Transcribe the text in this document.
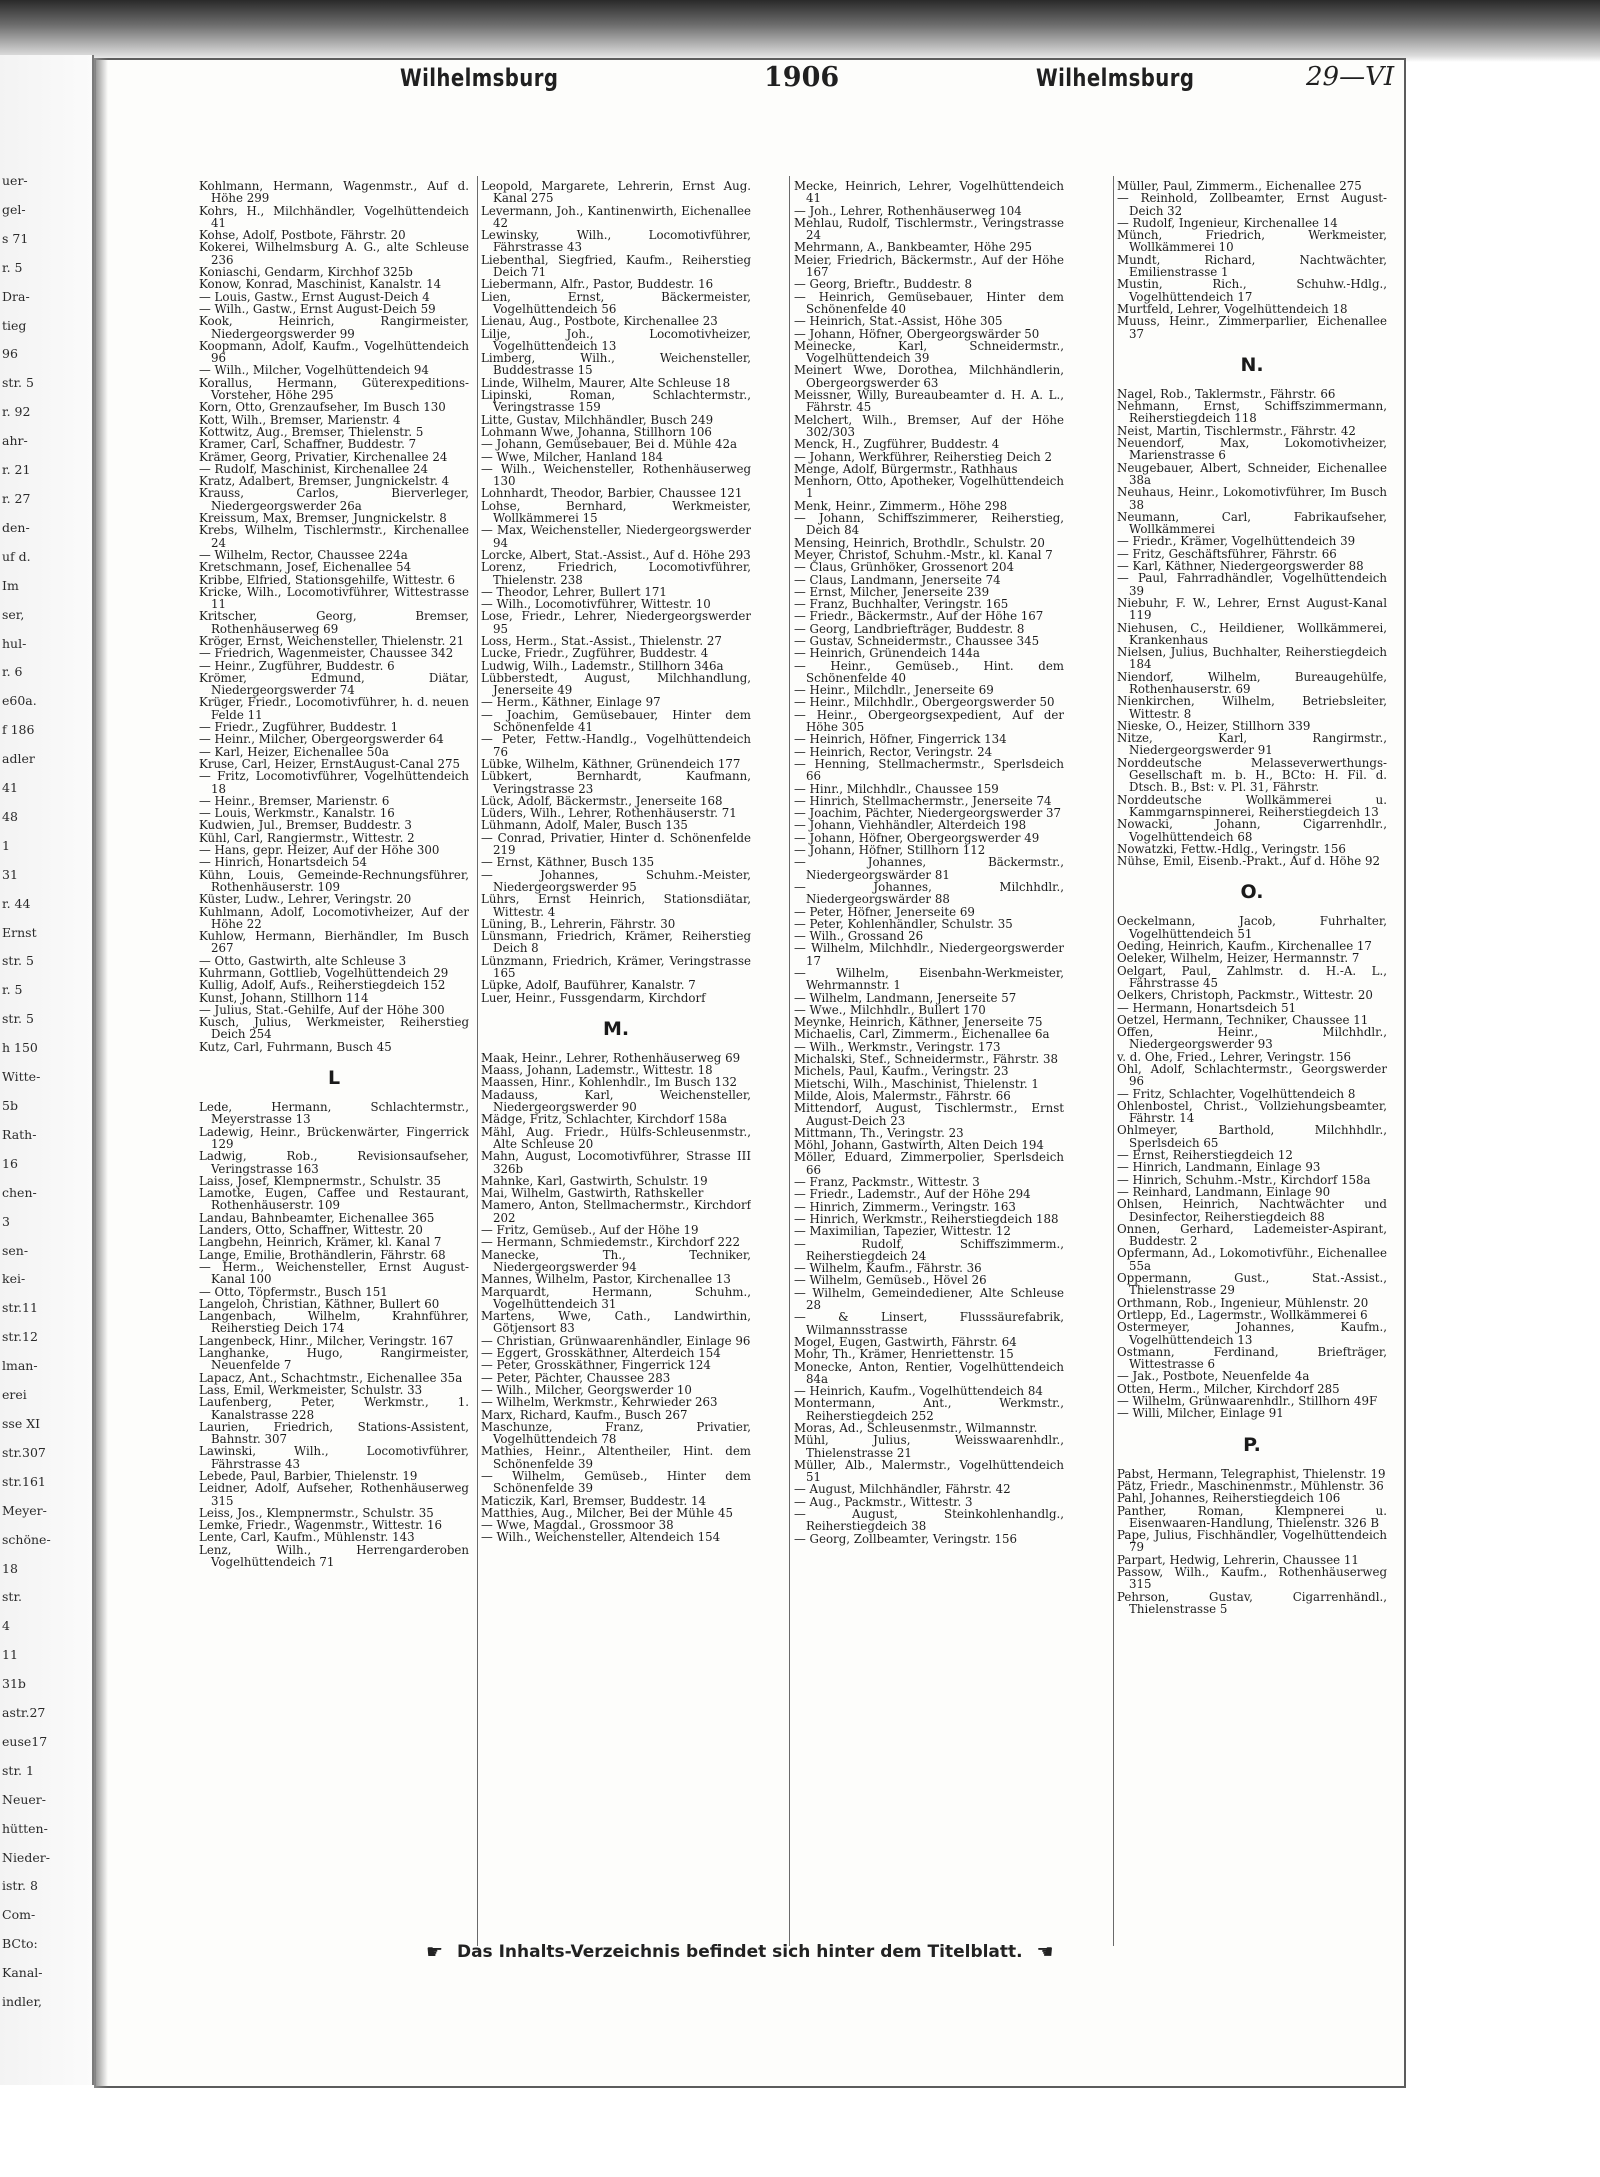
uer-
gel-
s 71
r. 5
Dra-
tieg
96
str. 5
r. 92
ahr-
r. 21
r. 27
den-
uf d.
Im
ser,
hul-
r. 6
e60a.
f 186
adler
41
48
1
31
r. 44
Ernst
str. 5
r. 5
str. 5
h 150
Witte-
5b
Rath-
16
chen-
3
sen-
kei-
str.11
str.12
lman-
erei
sse XI
str.307
str.161
Meyer-
schöne-
18
str.
4
11
31b
astr.27
euse17
str. 1
Neuer-
hütten-
Nieder-
istr. 8
Com-
BCto:
Kanal-
indler,
Wilhelmsburg	1906	Wilhelmsburg	29—VI
Kohlmann, Hermann, Wagenmstr., Auf d. Höhe 299
Kohrs, H., Milchhändler, Vogelhüttendeich 41
Kohse, Adolf, Postbote, Fährstr. 20
Kokerei, Wilhelmsburg A. G., alte Schleuse 236
Koniaschi, Gendarm, Kirchhof 325b
Konow, Konrad, Maschinist, Kanalstr. 14
— Louis, Gastw., Ernst August-Deich 4
— Wilh., Gastw., Ernst August-Deich 59
Kook, Heinrich, Rangirmeister, Niedergeorgswerder 99
Koopmann, Adolf, Kaufm., Vogelhüttendeich 96
— Wilh., Milcher, Vogelhüttendeich 94
Korallus, Hermann, Güterexpeditions-Vorsteher, Höhe 295
Korn, Otto, Grenzaufseher, Im Busch 130
Kott, Wilh., Bremser, Marienstr. 4
Kottwitz, Aug., Bremser, Thielenstr. 5
Kramer, Carl, Schaffner, Buddestr. 7
Krämer, Georg, Privatier, Kirchenallee 24
— Rudolf, Maschinist, Kirchenallee 24
Kratz, Adalbert, Bremser, Jungnickelstr. 4
Krauss, Carlos, Bierverleger, Niedergeorgswerder 26a
Kreissum, Max, Bremser, Jungnickelstr. 8
Krebs, Wilhelm, Tischlermstr., Kirchenallee 24
— Wilhelm, Rector, Chaussee 224a
Kretschmann, Josef, Eichenallee 54
Kribbe, Elfried, Stationsgehilfe, Wittestr. 6
Kricke, Wilh., Locomotivführer, Wittestrasse 11
Kritscher, Georg, Bremser, Rothenhäuserweg 69
Kröger, Ernst, Weichensteller, Thielenstr. 21
— Friedrich, Wagenmeister, Chaussee 342
— Heinr., Zugführer, Buddestr. 6
Krömer, Edmund, Diätar, Niedergeorgswerder 74
Krüger, Friedr., Locomotivführer, h. d. neuen Felde 11
— Friedr., Zugführer, Buddestr. 1
— Heinr., Milcher, Obergeorgswerder 64
— Karl, Heizer, Eichenallee 50a
Kruse, Carl, Heizer, ErnstAugust-Canal 275
— Fritz, Locomotivführer, Vogelhüttendeich 18
— Heinr., Bremser, Marienstr. 6
— Louis, Werkmstr., Kanalstr. 16
Kudwien, Jul., Bremser, Buddestr. 3
Kühl, Carl, Rangiermstr., Wittestr. 2
— Hans, gepr. Heizer, Auf der Höhe 300
— Hinrich, Honartsdeich 54
Kühn, Louis, Gemeinde-Rechnungsführer, Rothenhäuserstr. 109
Küster, Ludw., Lehrer, Veringstr. 20
Kuhlmann, Adolf, Locomotivheizer, Auf der Höhe 22
Kuhlow, Hermann, Bierhändler, Im Busch 267
— Otto, Gastwirth, alte Schleuse 3
Kuhrmann, Gottlieb, Vogelhüttendeich 29
Kullig, Adolf, Aufs., Reiherstiegdeich 152
Kunst, Johann, Stillhorn 114
— Julius, Stat.-Gehilfe, Auf der Höhe 300
Kusch, Julius, Werkmeister, Reiherstieg Deich 254
Kutz, Carl, Fuhrmann, Busch 45
L
Lede, Hermann, Schlachtermstr., Meyerstrasse 13
Ladewig, Heinr., Brückenwärter, Fingerrick 129
Ladwig, Rob., Revisionsaufseher, Veringstrasse 163
Laiss, Josef, Klempnermstr., Schulstr. 35
Lamotke, Eugen, Caffee und Restaurant, Rothenhäuserstr. 109
Landau, Bahnbeamter, Eichenallee 365
Landers, Otto, Schaffner, Wittestr. 20
Langbehn, Heinrich, Krämer, kl. Kanal 7
Lange, Emilie, Brothändlerin, Fährstr. 68
— Herm., Weichensteller, Ernst August-Kanal 100
— Otto, Töpfermstr., Busch 151
Langeloh, Christian, Käthner, Bullert 60
Langenbach, Wilhelm, Krahnführer, Reiherstieg Deich 174
Langenbeck, Hinr., Milcher, Veringstr. 167
Langhanke, Hugo, Rangirmeister, Neuenfelde 7
Lapacz, Ant., Schachtmstr., Eichenallee 35a
Lass, Emil, Werkmeister, Schulstr. 33
Laufenberg, Peter, Werkmstr., 1. Kanalstrasse 228
Laurien, Friedrich, Stations-Assistent, Bahnstr. 307
Lawinski, Wilh., Locomotivführer, Fährstrasse 43
Lebede, Paul, Barbier, Thielenstr. 19
Leidner, Adolf, Aufseher, Rothenhäuserweg 315
Leiss, Jos., Klempnermstr., Schulstr. 35
Lemke, Friedr., Wagenmstr., Wittestr. 16
Lente, Carl, Kaufm., Mühlenstr. 143
Lenz, Wilh., Herrengarderoben Vogelhüttendeich 71
Leopold, Margarete, Lehrerin, Ernst Aug. Kanal 275
Levermann, Joh., Kantinenwirth, Eichenallee 42
Lewinsky, Wilh., Locomotivführer, Fährstrasse 43
Liebenthal, Siegfried, Kaufm., Reiherstieg Deich 71
Liebermann, Alfr., Pastor, Buddestr. 16
Lien, Ernst, Bäckermeister, Vogelhüttendeich 56
Lienau, Aug., Postbote, Kirchenallee 23
Lilje, Joh., Locomotivheizer, Vogelhüttendeich 13
Limberg, Wilh., Weichensteller, Buddestrasse 15
Linde, Wilhelm, Maurer, Alte Schleuse 18
Lipinski, Roman, Schlachtermstr., Veringstrasse 159
Litte, Gustav, Milchhändler, Busch 249
Lohmann Wwe, Johanna, Stillhorn 106
— Johann, Gemüsebauer, Bei d. Mühle 42a
— Wwe, Milcher, Hanland 184
— Wilh., Weichensteller, Rothenhäuserweg 130
Lohnhardt, Theodor, Barbier, Chaussee 121
Lohse, Bernhard, Werkmeister, Wollkämmerei 15
— Max, Weichensteller, Niedergeorgswerder 94
Lorcke, Albert, Stat.-Assist., Auf d. Höhe 293
Lorenz, Friedrich, Locomotivführer, Thielenstr. 238
— Theodor, Lehrer, Bullert 171
— Wilh., Locomotivführer, Wittestr. 10
Lose, Friedr., Lehrer, Niedergeorgswerder 95
Loss, Herm., Stat.-Assist., Thielenstr. 27
Lucke, Friedr., Zugführer, Buddestr. 4
Ludwig, Wilh., Lademstr., Stillhorn 346a
Lübberstedt, August, Milchhandlung, Jenerseite 49
— Herm., Käthner, Einlage 97
— Joachim, Gemüsebauer, Hinter dem Schönenfelde 41
— Peter, Fettw.-Handlg., Vogelhüttendeich 76
Lübke, Wilhelm, Käthner, Grünendeich 177
Lübkert, Bernhardt, Kaufmann, Veringstrasse 23
Lück, Adolf, Bäckermstr., Jenerseite 168
Lüders, Wilh., Lehrer, Rothenhäuserstr. 71
Lühmann, Adolf, Maler, Busch 135
— Conrad, Privatier, Hinter d. Schönenfelde 219
— Ernst, Käthner, Busch 135
— Johannes, Schuhm.-Meister, Niedergeorgswerder 95
Lührs, Ernst Heinrich, Stationsdiätar, Wittestr. 4
Lüning, B., Lehrerin, Fährstr. 30
Lünsmann, Friedrich, Krämer, Reiherstieg Deich 8
Lünzmann, Friedrich, Krämer, Veringstrasse 165
Lüpke, Adolf, Bauführer, Kanalstr. 7
Luer, Heinr., Fussgendarm, Kirchdorf
M.
Maak, Heinr., Lehrer, Rothenhäuserweg 69
Maass, Johann, Lademstr., Wittestr. 18
Maassen, Hinr., Kohlenhdlr., Im Busch 132
Madauss, Karl, Weichensteller, Niedergeorgswerder 90
Mädge, Fritz, Schlachter, Kirchdorf 158a
Mähl, Aug. Friedr., Hülfs-Schleusenmstr., Alte Schleuse 20
Mahn, August, Locomotivführer, Strasse III 326b
Mahnke, Karl, Gastwirth, Schulstr. 19
Mai, Wilhelm, Gastwirth, Rathskeller
Mamero, Anton, Stellmachermstr., Kirchdorf 202
— Fritz, Gemüseb., Auf der Höhe 19
— Hermann, Schmiedemstr., Kirchdorf 222
Manecke, Th., Techniker, Niedergeorgswerder 94
Mannes, Wilhelm, Pastor, Kirchenallee 13
Marquardt, Hermann, Schuhm., Vogelhüttendeich 31
Martens, Wwe, Cath., Landwirthin, Götjensort 83
— Christian, Grünwaarenhändler, Einlage 96
— Eggert, Grosskäthner, Alterdeich 154
— Peter, Grosskäthner, Fingerrick 124
— Peter, Pächter, Chaussee 283
— Wilh., Milcher, Georgswerder 10
— Wilhelm, Werkmstr., Kehrwieder 263
Marx, Richard, Kaufm., Busch 267
Maschunze, Franz, Privatier, Vogelhüttendeich 78
Mathies, Heinr., Altentheiler, Hint. dem Schönenfelde 39
— Wilhelm, Gemüseb., Hinter dem Schönenfelde 39
Maticzik, Karl, Bremser, Buddestr. 14
Matthies, Aug., Milcher, Bei der Mühle 45
— Wwe, Magdal., Grossmoor 38
— Wilh., Weichensteller, Altendeich 154
Mecke, Heinrich, Lehrer, Vogelhüttendeich 41
— Joh., Lehrer, Rothenhäuserweg 104
Mehlau, Rudolf, Tischlermstr., Veringstrasse 24
Mehrmann, A., Bankbeamter, Höhe 295
Meier, Friedrich, Bäckermstr., Auf der Höhe 167
— Georg, Brieftr., Buddestr. 8
— Heinrich, Gemüsebauer, Hinter dem Schönenfelde 40
— Heinrich, Stat.-Assist, Höhe 305
— Johann, Höfner, Obergeorgswärder 50
Meinecke, Karl, Schneidermstr., Vogelhüttendeich 39
Meinert Wwe, Dorothea, Milchhändlerin, Obergeorgswerder 63
Meissner, Willy, Bureaubeamter d. H. A. L., Fährstr. 45
Melchert, Wilh., Bremser, Auf der Höhe 302/303
Menck, H., Zugführer, Buddestr. 4
— Johann, Werkführer, Reiherstieg Deich 2
Menge, Adolf, Bürgermstr., Rathhaus
Menhorn, Otto, Apotheker, Vogelhüttendeich 1
Menk, Heinr., Zimmerm., Höhe 298
— Johann, Schiffszimmerer, Reiherstieg, Deich 84
Mensing, Heinrich, Brothdlr., Schulstr. 20
Meyer, Christof, Schuhm.-Mstr., kl. Kanal 7
— Claus, Grünhöker, Grossenort 204
— Claus, Landmann, Jenerseite 74
— Ernst, Milcher, Jenerseite 239
— Franz, Buchhalter, Veringstr. 165
— Friedr., Bäckermstr., Auf der Höhe 167
— Georg, Landbriefträger, Buddestr. 8
— Gustav, Schneidermstr., Chaussee 345
— Heinrich, Grünendeich 144a
— Heinr., Gemüseb., Hint. dem Schönenfelde 40
— Heinr., Milchdlr., Jenerseite 69
— Heinr., Milchhdlr., Obergeorgswerder 50
— Heinr., Obergeorgsexpedient, Auf der Höhe 305
— Heinrich, Höfner, Fingerrick 134
— Heinrich, Rector, Veringstr. 24
— Henning, Stellmachermstr., Sperlsdeich 66
— Hinr., Milchhdlr., Chaussee 159
— Hinrich, Stellmachermstr., Jenerseite 74
— Joachim, Pächter, Niedergeorgswerder 37
— Johann, Viehhändler, Alterdeich 198
— Johann, Höfner, Obergeorgswerder 49
— Johann, Höfner, Stillhorn 112
— Johannes, Bäckermstr., Niedergeorgswärder 81
— Johannes, Milchhdlr., Niedergeorgswärder 88
— Peter, Höfner, Jenerseite 69
— Peter, Kohlenhändler, Schulstr. 35
— Wilh., Grossand 26
— Wilhelm, Milchhdlr., Niedergeorgswerder 17
— Wilhelm, Eisenbahn-Werkmeister, Wehrmannstr. 1
— Wilhelm, Landmann, Jenerseite 57
— Wwe., Milchhdlr., Bullert 170
Meynke, Heinrich, Käthner, Jenerseite 75
Michaelis, Carl, Zimmerm., Eichenallee 6a
— Wilh., Werkmstr., Veringstr. 173
Michalski, Stef., Schneidermstr., Fährstr. 38
Michels, Paul, Kaufm., Veringstr. 23
Mietschi, Wilh., Maschinist, Thielenstr. 1
Milde, Alois, Malermstr., Fährstr. 66
Mittendorf, August, Tischlermstr., Ernst August-Deich 23
Mittmann, Th., Veringstr. 23
Möhl, Johann, Gastwirth, Alten Deich 194
Möller, Eduard, Zimmerpolier, Sperlsdeich 66
— Franz, Packmstr., Wittestr. 3
— Friedr., Lademstr., Auf der Höhe 294
— Hinrich, Zimmerm., Veringstr. 163
— Hinrich, Werkmstr., Reiherstiegdeich 188
— Maximilian, Tapezier, Wittestr. 12
— Rudolf, Schiffszimmerm., Reiherstiegdeich 24
— Wilhelm, Kaufm., Fährstr. 36
— Wilhelm, Gemüseb., Hövel 26
— Wilhelm, Gemeindediener, Alte Schleuse 28
— & Linsert, Flusssäurefabrik, Wilmannsstrasse
Mogel, Eugen, Gastwirth, Fährstr. 64
Mohr, Th., Krämer, Henriettenstr. 15
Monecke, Anton, Rentier, Vogelhüttendeich 84a
— Heinrich, Kaufm., Vogelhüttendeich 84
Montermann, Ant., Werkmstr., Reiherstiegdeich 252
Moras, Ad., Schleusenmstr., Wilmannstr.
Mühl, Julius, Weisswaarenhdlr., Thielenstrasse 21
Müller, Alb., Malermstr., Vogelhüttendeich 51
— August, Milchhändler, Fährstr. 42
— Aug., Packmstr., Wittestr. 3
— August, Steinkohlenhandlg., Reiherstiegdeich 38
— Georg, Zollbeamter, Veringstr. 156
Müller, Paul, Zimmerm., Eichenallee 275
— Reinhold, Zollbeamter, Ernst August-Deich 32
— Rudolf, Ingenieur, Kirchenallee 14
Münch, Friedrich, Werkmeister, Wollkämmerei 10
Mundt, Richard, Nachtwächter, Emilienstrasse 1
Mustin, Rich., Schuhw.-Hdlg., Vogelhüttendeich 17
Murtfeld, Lehrer, Vogelhüttendeich 18
Muuss, Heinr., Zimmerparlier, Eichenallee 37
N.
Nagel, Rob., Taklermstr., Fährstr. 66
Nehmann, Ernst, Schiffszimmermann, Reiherstiegdeich 118
Neist, Martin, Tischlermstr., Fährstr. 42
Neuendorf, Max, Lokomotivheizer, Marienstrasse 6
Neugebauer, Albert, Schneider, Eichenallee 38a
Neuhaus, Heinr., Lokomotivführer, Im Busch 38
Neumann, Carl, Fabrikaufseher, Wollkämmerei
— Friedr., Krämer, Vogelhüttendeich 39
— Fritz, Geschäftsführer, Fährstr. 66
— Karl, Käthner, Niedergeorgswerder 88
— Paul, Fahrradhändler, Vogelhüttendeich 39
Niebuhr, F. W., Lehrer, Ernst August-Kanal 119
Niehusen, C., Heildiener, Wollkämmerei, Krankenhaus
Nielsen, Julius, Buchhalter, Reiherstiegdeich 184
Niendorf, Wilhelm, Bureaugehülfe, Rothenhauserstr. 69
Nienkirchen, Wilhelm, Betriebsleiter, Wittestr. 8
Nieske, O., Heizer, Stillhorn 339
Nitze, Karl, Rangirmstr., Niedergeorgswerder 91
Norddeutsche Melasseverwerthungs-Gesellschaft m. b. H., BCto: H. Fil. d. Dtsch. B., Bst: v. Pl. 31, Fährstr.
Norddeutsche Wollkämmerei u. Kammgarnspinnerei, Reiherstiegdeich 13
Nowacki, Johann, Cigarrenhdlr., Vogelhüttendeich 68
Nowatzki, Fettw.-Hdlg., Veringstr. 156
Nühse, Emil, Eisenb.-Prakt., Auf d. Höhe 92
O.
Oeckelmann, Jacob, Fuhrhalter, Vogelhüttendeich 51
Oeding, Heinrich, Kaufm., Kirchenallee 17
Oeleker, Wilhelm, Heizer, Hermannstr. 7
Oelgart, Paul, Zahlmstr. d. H.-A. L., Fährstrasse 45
Oelkers, Christoph, Packmstr., Wittestr. 20
— Hermann, Honartsdeich 51
Oetzel, Hermann, Techniker, Chaussee 11
Offen, Heinr., Milchhdlr., Niedergeorgswerder 93
v. d. Ohe, Fried., Lehrer, Veringstr. 156
Ohl, Adolf, Schlachtermstr., Georgswerder 96
— Fritz, Schlachter, Vogelhüttendeich 8
Ohlenbostel, Christ., Vollziehungsbeamter, Fährstr. 14
Ohlmeyer, Barthold, Milchhhdlr., Sperlsdeich 65
— Ernst, Reiherstiegdeich 12
— Hinrich, Landmann, Einlage 93
— Hinrich, Schuhm.-Mstr., Kirchdorf 158a
— Reinhard, Landmann, Einlage 90
Ohlsen, Heinrich, Nachtwächter und Desinfector, Reiherstiegdeich 88
Onnen, Gerhard, Lademeister-Aspirant, Buddestr. 2
Opfermann, Ad., Lokomotivführ., Eichenallee 55a
Oppermann, Gust., Stat.-Assist., Thielenstrasse 29
Orthmann, Rob., Ingenieur, Mühlenstr. 20
Ortlepp, Ed., Lagermstr., Wollkämmerei 6
Ostermeyer, Johannes, Kaufm., Vogelhüttendeich 13
Ostmann, Ferdinand, Briefträger, Wittestrasse 6
— Jak., Postbote, Neuenfelde 4a
Otten, Herm., Milcher, Kirchdorf 285
— Wilhelm, Grünwaarenhdlr., Stillhorn 49F
— Willi, Milcher, Einlage 91
P.
Pabst, Hermann, Telegraphist, Thielenstr. 19
Pätz, Friedr., Maschinenmstr., Mühlenstr. 36
Pahl, Johannes, Reiherstiegdeich 106
Panther, Roman, Klempnerei u. Eisenwaaren-Handlung, Thielenstr. 326 B
Pape, Julius, Fischhändler, Vogelhüttendeich 79
Parpart, Hedwig, Lehrerin, Chaussee 11
Passow, Wilh., Kaufm., Rothenhäuserweg 315
Pehrson, Gustav, Cigarrenhändl., Thielenstrasse 5
☛ Das Inhalts-Verzeichnis befindet sich hinter dem Titelblatt. ☚
